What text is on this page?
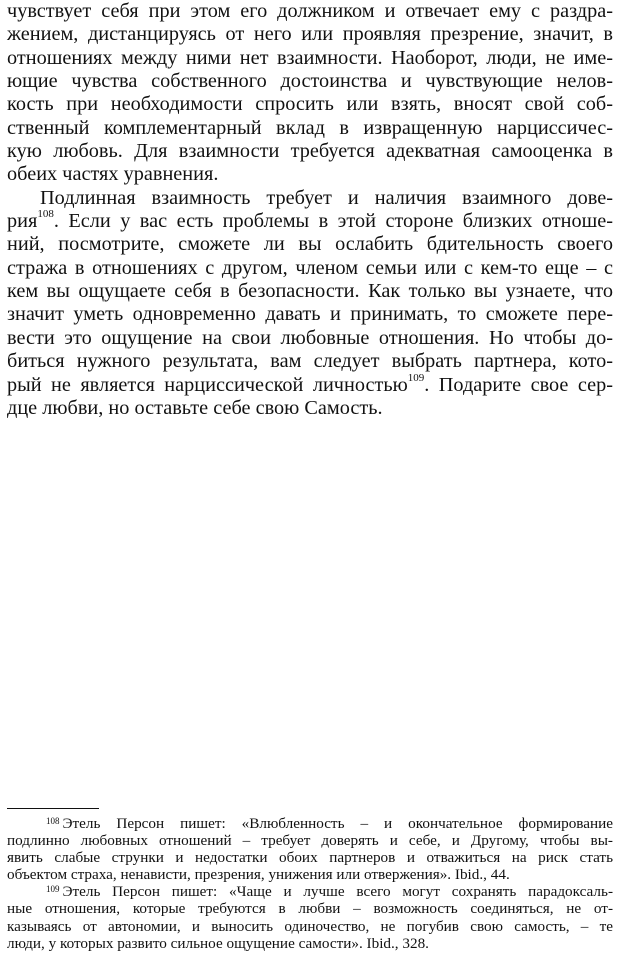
чувствует себя при этом его должником и отвечает ему с раздра-
жением, дистанцируясь от него или проявляя презрение, значит, в
отношениях между ними нет взаимности. Наоборот, люди, не име-
ющие чувства собственного достоинства и чувствующие нелов-
кость при необходимости спросить или взять, вносят свой соб-
ственный комплементарный вклад в извращенную нарциссичес-
кую любовь. Для взаимности требуется адекватная самооценка в
обеих частях уравнения.
Подлинная взаимность требует и наличия взаимного дове-
рия$^{108}$. Если у вас есть проблемы в этой стороне близких отноше-
ний, посмотрите, сможете ли вы ослабить бдительность своего
стража в отношениях с другом, членом семьи или с кем-то еще – с
кем вы ощущаете себя в безопасности. Как только вы узнаете, что
значит уметь одновременно давать и принимать, то сможете пере-
вести это ощущение на свои любовные отношения. Но чтобы до-
биться нужного результата, вам следует выбрать партнера, кото-
рый не является нарциссической личностью$^{109}$. Подарите свое сер-
дце любви, но оставьте себе свою Самость.
$^{108}$ Этель Персон пишет: «Влюбленность – и окончательное формирование
подлинно любовных отношений – требует доверять и себе, и Другому, чтобы вы-
явить слабые струнки и недостатки обоих партнеров и отважиться на риск стать
объектом страха, ненависти, презрения, унижения или отвержения». Ibid., 44.
$^{109}$ Этель Персон пишет: «Чаще и лучше всего могут сохранять парадоксаль-
ные отношения, которые требуются в любви – возможность соединяться, не от-
казываясь от автономии, и выносить одиночество, не погубив свою самость, – те
люди, у которых развито сильное ощущение самости». Ibid., 328.
